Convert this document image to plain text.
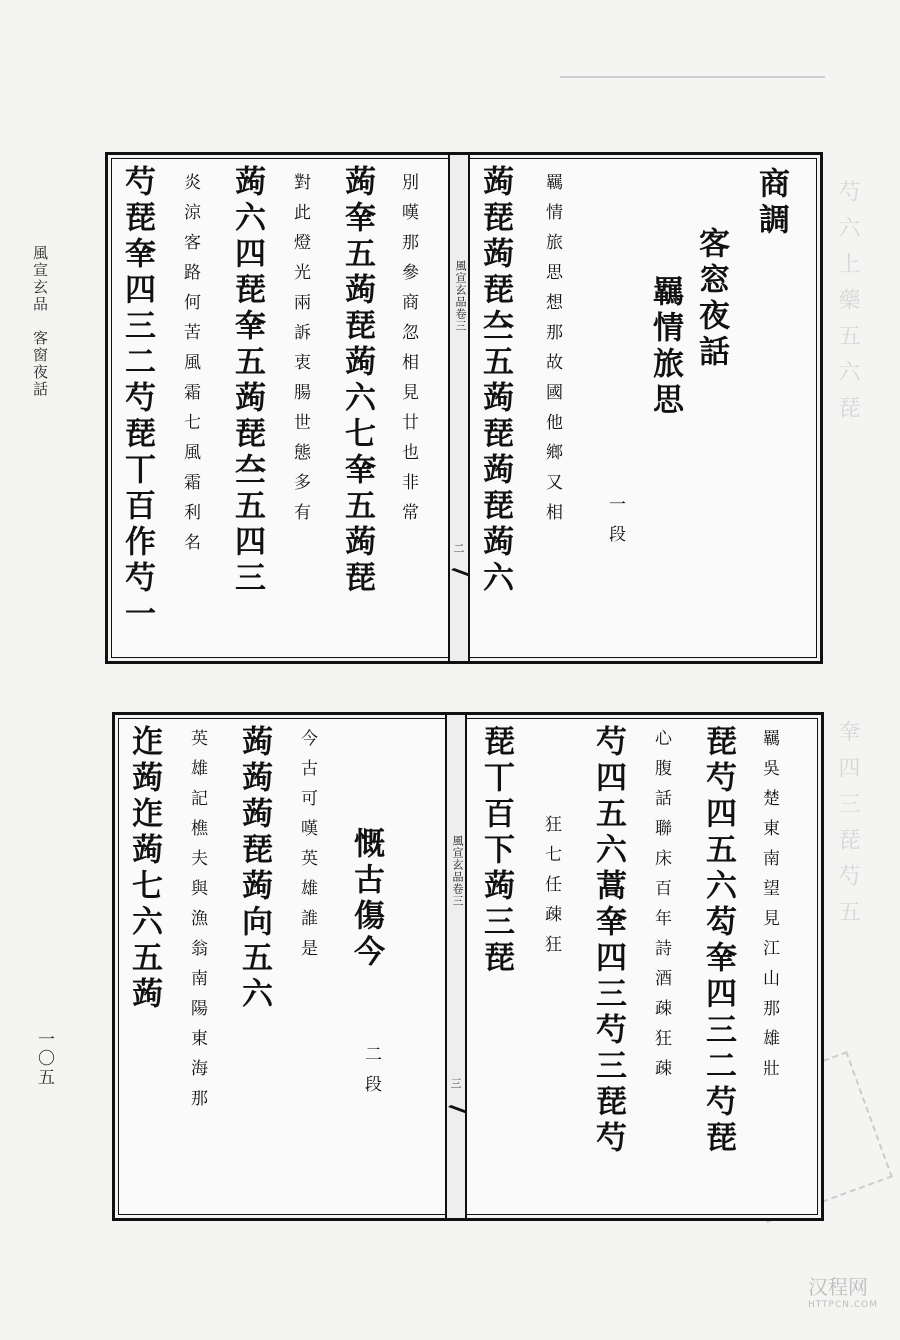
風宣玄品　客窗夜話
一〇五
芍六上藥五六琵
羍四三琵芍五
商調
客窓夜話
羈情旅思
一段
羈情旅思想那故國他鄉又相
蒟琵蒟琵夳五蒟琵蒟琵蒟六
風宣玄品卷三
二
別嘆那參商忽相見廿也非常
蒟羍五蒟琵蒟六七羍五蒟琵
對此燈光兩訴衷腸世態多有
蒟六四琵羍五蒟琵夳五四三
炎涼客路何苦風霜七風霜利名
芍琵羍四三二芍琵丅百作芍一
羈吳楚東南望見江山那雄壯
琵芍四五六芶羍四三二芍琵
心腹話聯床百年詩酒疎狂疎
芍四五六蒿羍四三芍三琵芍
狂七任疎狂
琵丅百下蒟三琵
風宣玄品卷三
三
慨古傷今
二段
今古可嘆英雄誰是
蒟蒟蒟琵蒟向五六
英雄記樵夫與漁翁南陽東海那
迮蒟迮蒟七六五蒟
汉程网
HTTPCN.COM
